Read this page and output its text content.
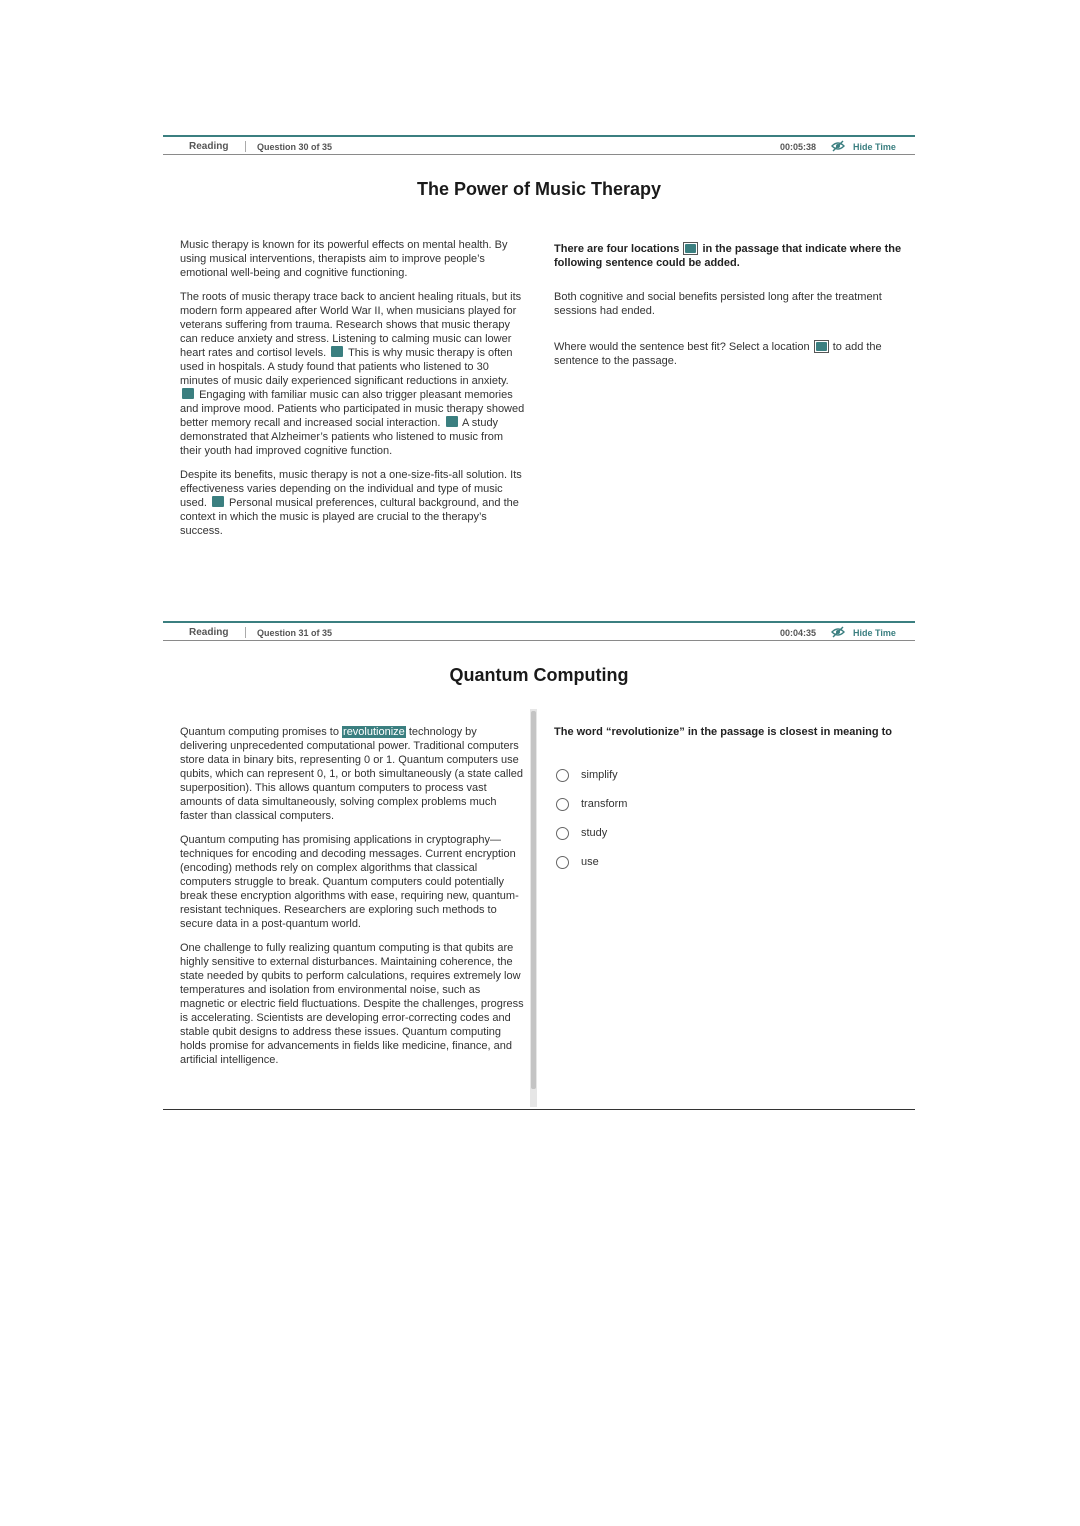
Reading	Question 30 of 35	00:05:38	Hide Time
The Power of Music Therapy

Music therapy is known for its powerful effects on mental health. By using musical interventions, therapists aim to improve people’s emotional well-being and cognitive functioning.

The roots of music therapy trace back to ancient healing rituals, but its modern form appeared after World War II, when musicians played for veterans suffering from trauma. Research shows that music therapy can reduce anxiety and stress. Listening to calming music can lower heart rates and cortisol levels. This is why music therapy is often used in hospitals. A study found that patients who listened to 30 minutes of music daily experienced significant reductions in anxiety.  Engaging with familiar music can also trigger pleasant memories and improve mood. Patients who participated in music therapy showed better memory recall and increased social interaction. A study demonstrated that Alzheimer’s patients who listened to music from their youth had improved cognitive function.

Despite its benefits, music therapy is not a one-size-fits-all solution. Its effectiveness varies depending on the individual and type of music used. Personal musical preferences, cultural background, and the context in which the music is played are crucial to the therapy’s success.

There are four locations in the passage that indicate where the following sentence could be added.

Both cognitive and social benefits persisted long after the treatment sessions had ended.

Where would the sentence best fit? Select a location to add the sentence to the passage.

Reading	Question 31 of 35	00:04:35	Hide Time
Quantum Computing

Quantum computing promises to revolutionize technology by delivering unprecedented computational power. Traditional computers store data in binary bits, representing 0 or 1. Quantum computers use qubits, which can represent 0, 1, or both simultaneously (a state called superposition). This allows quantum computers to process vast amounts of data simultaneously, solving complex problems much faster than classical computers.

Quantum computing has promising applications in cryptography—techniques for encoding and decoding messages. Current encryption (encoding) methods rely on complex algorithms that classical computers struggle to break. Quantum computers could potentially break these encryption algorithms with ease, requiring new, quantum-resistant techniques. Researchers are exploring such methods to secure data in a post-quantum world.

One challenge to fully realizing quantum computing is that qubits are highly sensitive to external disturbances. Maintaining coherence, the state needed by qubits to perform calculations, requires extremely low temperatures and isolation from environmental noise, such as magnetic or electric field fluctuations. Despite the challenges, progress is accelerating. Scientists are developing error-correcting codes and stable qubit designs to address these issues. Quantum computing holds promise for advancements in fields like medicine, finance, and artificial intelligence.

The word “revolutionize” in the passage is closest in meaning to

simplify
transform
study
use
